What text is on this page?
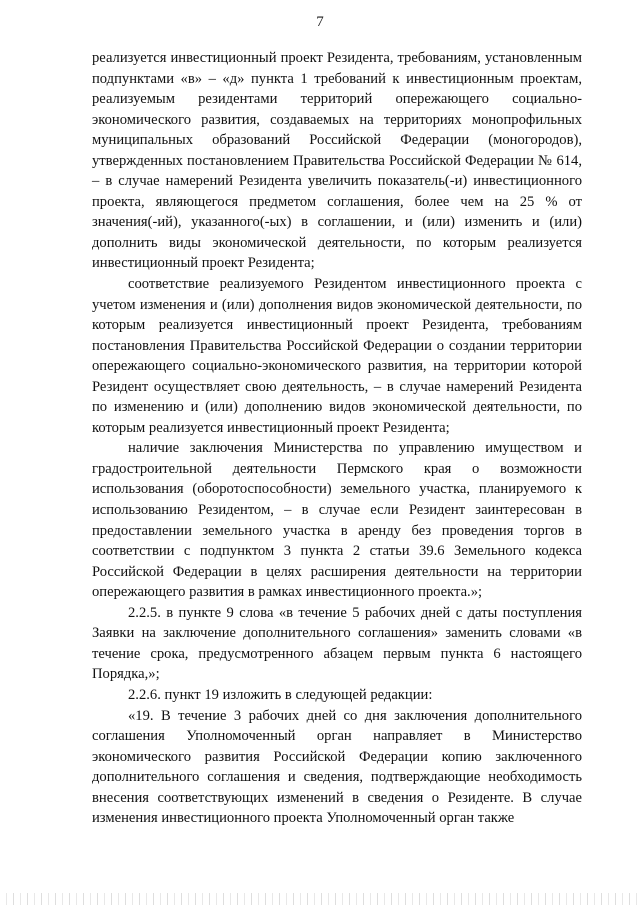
7

реализуется инвестиционный проект Резидента, требованиям, установленным подпунктами «в» – «д» пункта 1 требований к инвестиционным проектам, реализуемым резидентами территорий опережающего социально-экономического развития, создаваемых на территориях монопрофильных муниципальных образований Российской Федерации (моногородов), утвержденных постановлением Правительства Российской Федерации № 614, – в случае намерений Резидента увеличить показатель(-и) инвестиционного проекта, являющегося предметом соглашения, более чем на 25 % от значения(-ий), указанного(-ых) в соглашении, и (или) изменить и (или) дополнить виды экономической деятельности, по которым реализуется инвестиционный проект Резидента;

соответствие реализуемого Резидентом инвестиционного проекта с учетом изменения и (или) дополнения видов экономической деятельности, по которым реализуется инвестиционный проект Резидента, требованиям постановления Правительства Российской Федерации о создании территории опережающего социально-экономического развития, на территории которой Резидент осуществляет свою деятельность, – в случае намерений Резидента по изменению и (или) дополнению видов экономической деятельности, по которым реализуется инвестиционный проект Резидента;

наличие заключения Министерства по управлению имуществом и градостроительной деятельности Пермского края о возможности использования (оборотоспособности) земельного участка, планируемого к использованию Резидентом, – в случае если Резидент заинтересован в предоставлении земельного участка в аренду без проведения торгов в соответствии с подпунктом 3 пункта 2 статьи 39.6 Земельного кодекса Российской Федерации в целях расширения деятельности на территории опережающего развития в рамках инвестиционного проекта.»;

2.2.5. в пункте 9 слова «в течение 5 рабочих дней с даты поступления Заявки на заключение дополнительного соглашения» заменить словами «в течение срока, предусмотренного абзацем первым пункта 6 настоящего Порядка,»;

2.2.6. пункт 19 изложить в следующей редакции:

«19. В течение 3 рабочих дней со дня заключения дополнительного соглашения Уполномоченный орган направляет в Министерство экономического развития Российской Федерации копию заключенного дополнительного соглашения и сведения, подтверждающие необходимость внесения соответствующих изменений в сведения о Резиденте. В случае изменения инвестиционного проекта Уполномоченный орган также
